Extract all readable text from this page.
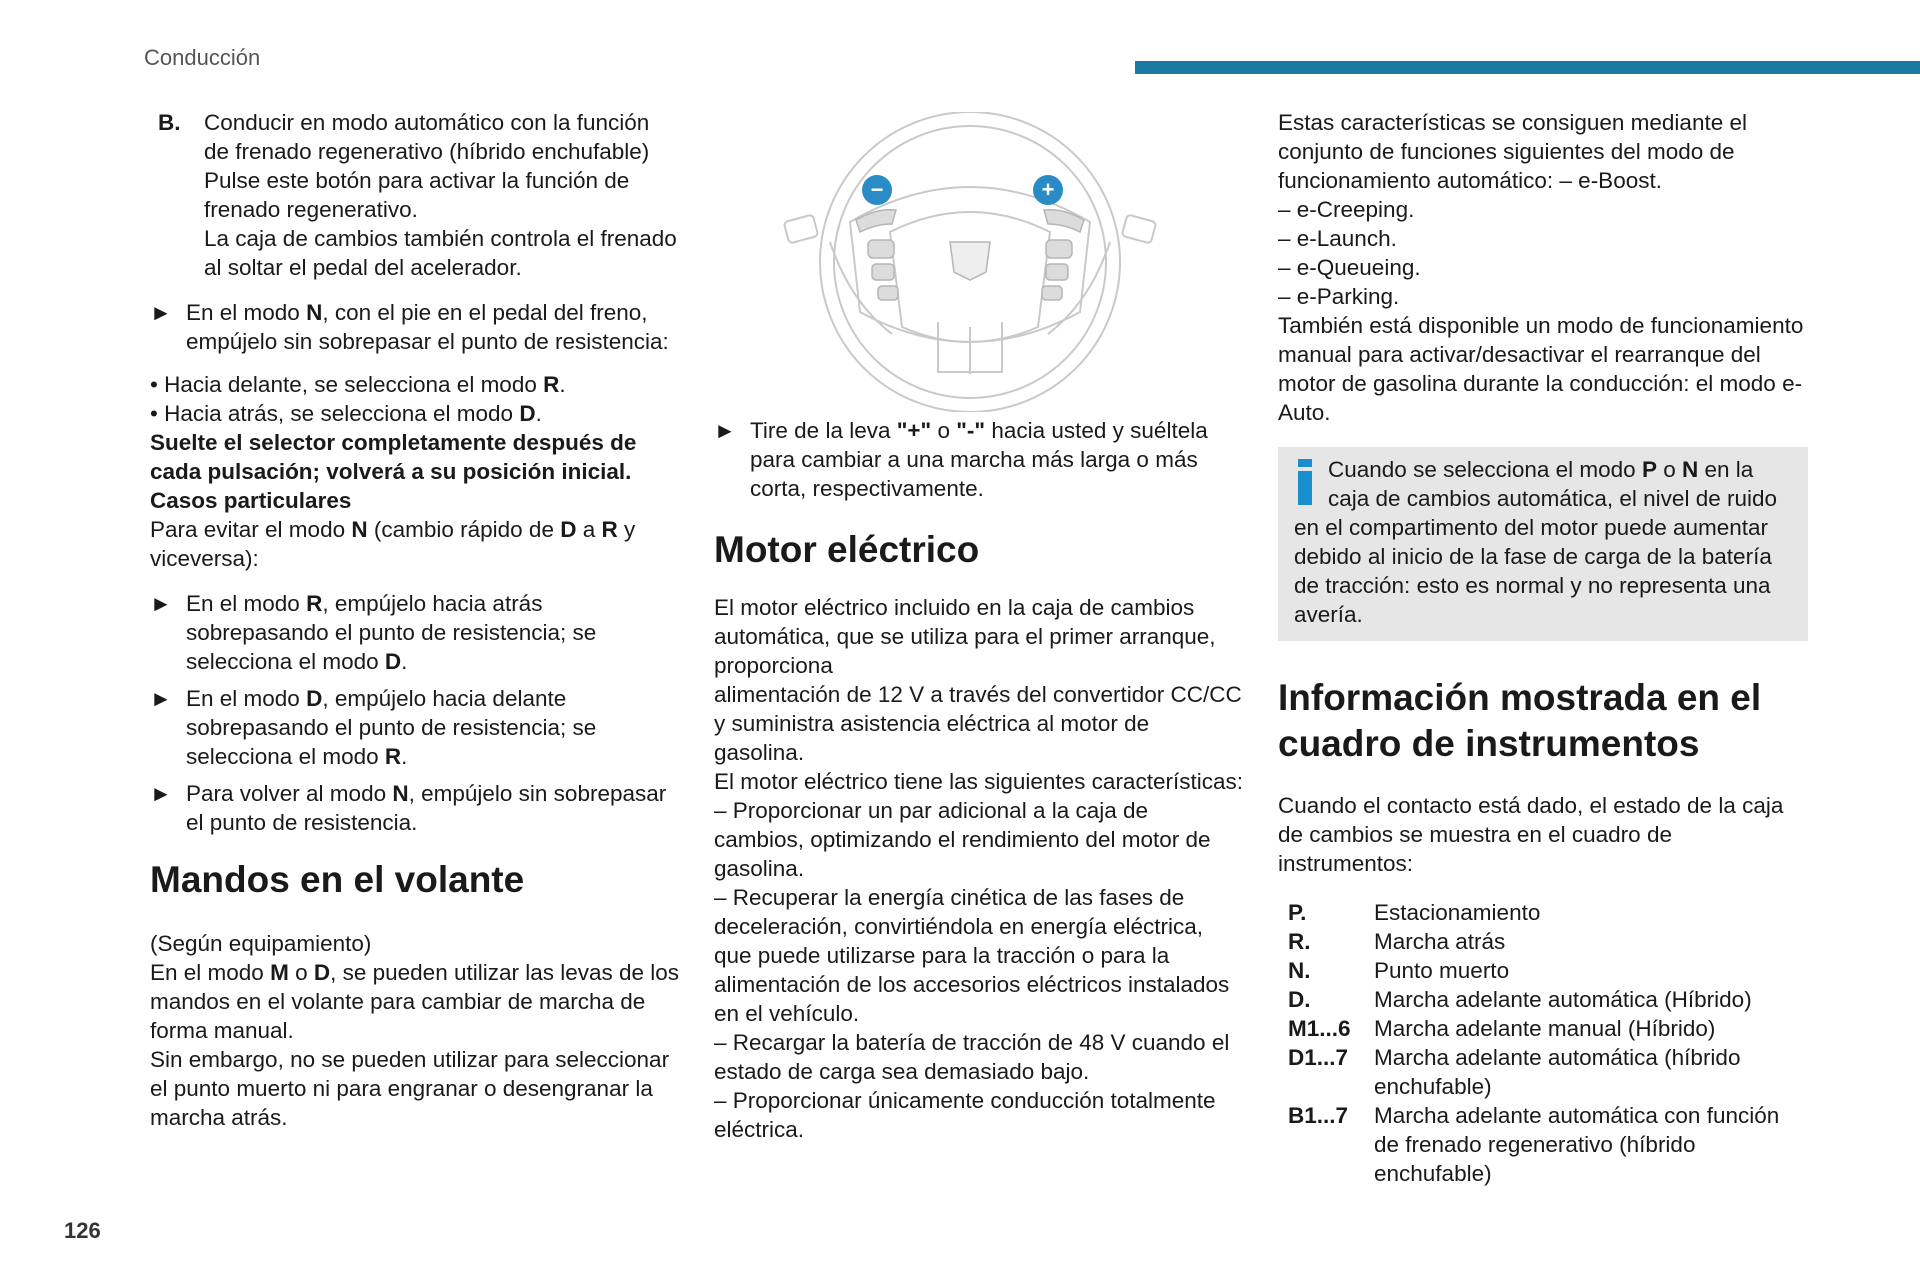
Conducción
B.	Conducir en modo automático con la función de frenado regenerativo (híbrido enchufable)

Pulse este botón para activar la función de frenado regenerativo.

La caja de cambios también controla el frenado al soltar el pedal del acelerador.

► En el modo N, con el pie en el pedal del freno, empújelo sin sobrepasar el punto de resistencia:

• Hacia delante, se selecciona el modo R.

• Hacia atrás, se selecciona el modo D.

Suelte el selector completamente después de cada pulsación; volverá a su posición inicial.

Casos particulares

Para evitar el modo N (cambio rápido de D a R y viceversa):

► En el modo R, empújelo hacia atrás sobrepasando el punto de resistencia; se selecciona el modo D.
► En el modo D, empújelo hacia delante sobrepasando el punto de resistencia; se selecciona el modo R.
► Para volver al modo N, empújelo sin sobrepasar el punto de resistencia.
Mandos en el volante

(Según equipamiento)

En el modo M o D, se pueden utilizar las levas de los mandos en el volante para cambiar de marcha de forma manual.

Sin embargo, no se pueden utilizar para seleccionar el punto muerto ni para engranar o desengranar la marcha atrás.

−	+
► Tire de la leva "+" o "-" hacia usted y suéltela para cambiar a una marcha más larga o más corta, respectivamente.
Motor eléctrico

El motor eléctrico incluido en la caja de cambios automática, que se utiliza para el primer arranque, proporciona

alimentación de 12 V a través del convertidor CC/CC y suministra asistencia eléctrica al motor de gasolina.

El motor eléctrico tiene las siguientes características:

– Proporcionar un par adicional a la caja de cambios, optimizando el rendimiento del motor de gasolina.

– Recuperar la energía cinética de las fases de deceleración, convirtiéndola en energía eléctrica, que puede utilizarse para la tracción o para la alimentación de los accesorios eléctricos instalados en el vehículo.

– Recargar la batería de tracción de 48 V cuando el estado de carga sea demasiado bajo.

– Proporcionar únicamente conducción totalmente eléctrica.

Estas características se consiguen mediante el conjunto de funciones siguientes del modo de funcionamiento automático: – e-Boost.

– e-Creeping.

– e-Launch.

– e-Queueing.

– e-Parking.

También está disponible un modo de funcionamiento manual para activar/desactivar el rearranque del motor de gasolina durante la conducción: el modo e-Auto.

Cuando se selecciona el modo P o N en la caja de cambios automática, el nivel de ruido en el compartimento del motor puede aumentar debido al inicio de la fase de carga de la batería de tracción: esto es normal y no representa una avería.

Información mostrada en el cuadro de instrumentos

Cuando el contacto está dado, el estado de la caja de cambios se muestra en el cuadro de instrumentos:

P.	Estacionamiento
R.	Marcha atrás
N.	Punto muerto
D.	Marcha adelante automática (Híbrido)
M1...6	Marcha adelante manual (Híbrido)
D1...7	Marcha adelante automática (híbrido enchufable)
B1...7	Marcha adelante automática con función de frenado regenerativo (híbrido enchufable)
126
